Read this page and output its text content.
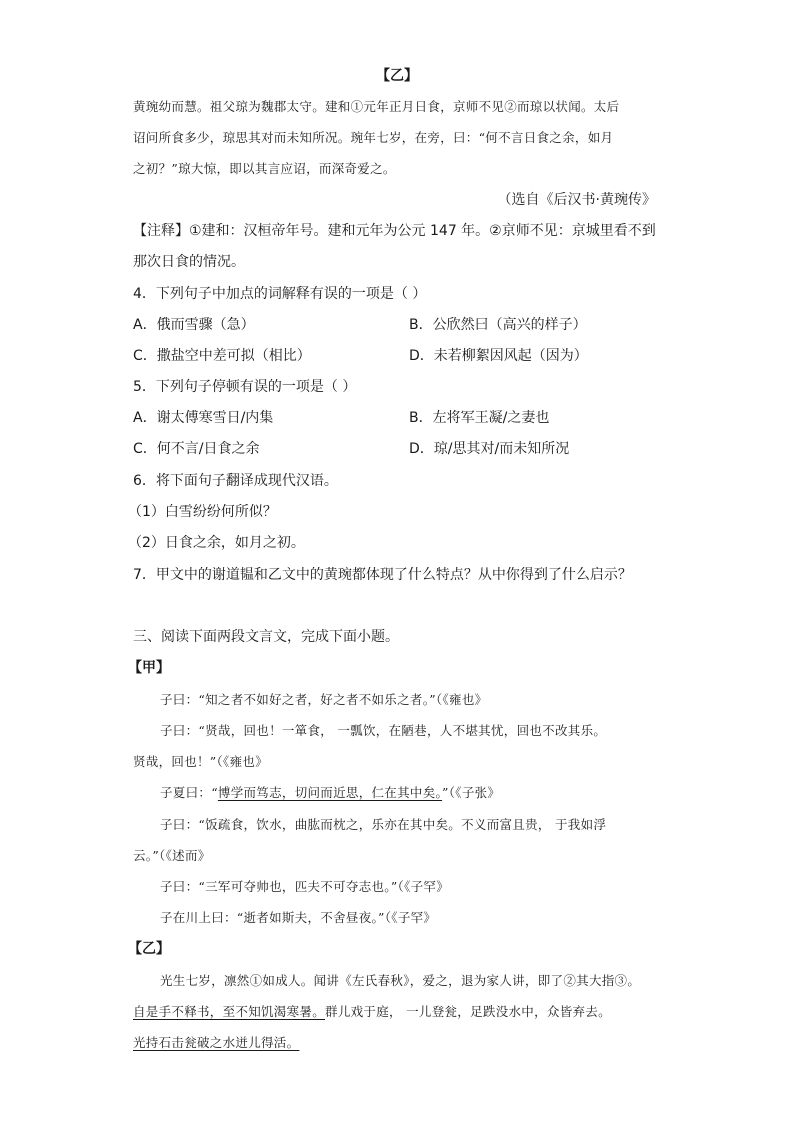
【乙】
黄琬幼而慧。祖父琼为魏郡太守。建和①元年正月日食，京师不见②而琼以状闻。太后
诏问所食多少，琼思其对而未知所况。琬年七岁，在旁，曰：“何不言日食之余，如月
之初？”琼大惊，即以其言应诏，而深奇爱之。
（选自《后汉书·黄琬传》
【注释】①建和：汉桓帝年号。建和元年为公元 147 年。②京师不见：京城里看不到
那次日食的情况。
4．下列句子中加点的词解释有误的一项是（ ）
A．俄而雪骤（急）	B．公欣然曰（高兴的样子）
C．撒盐空中差可拟（相比）	D．未若柳絮因风起（因为）
5．下列句子停顿有误的一项是（ ）
A．谢太傅寒雪日/内集	B．左将军王凝/之妻也
C．何不言/日食之余	D．琼/思其对/而未知所况
6．将下面句子翻译成现代汉语。
（1）白雪纷纷何所似？
（2）日食之余，如月之初。
7．甲文中的谢道韫和乙文中的黄琬都体现了什么特点？从中你得到了什么启示？
三、阅读下面两段文言文，完成下面小题。
【甲】
子曰：“知之者不如好之者，好之者不如乐之者。”（《雍也》
子曰：“贤哉，回也！一箪食， 一瓢饮，在陋巷，人不堪其忧，回也不改其乐。
贤哉，回也！”（《雍也》
子夏曰：“博学而笃志，切问而近思，仁在其中矣。”（《子张》
子曰：“饭疏食，饮水，曲肱而枕之，乐亦在其中矣。不义而富且贵， 于我如浮
云。”（《述而》
子曰：“三军可夺帅也，匹夫不可夺志也。”（《子罕》
子在川上曰：“逝者如斯夫，不舍昼夜。”（《子罕》
【乙】
光生七岁，凛然①如成人。闻讲《左氏春秋》，爱之，退为家人讲，即了②其大指③。
自是手不释书，至不知饥渴寒暑。群儿戏于庭， 一儿登瓮，足跌没水中，众皆弃去。
光持石击瓮破之水迸儿得活。
